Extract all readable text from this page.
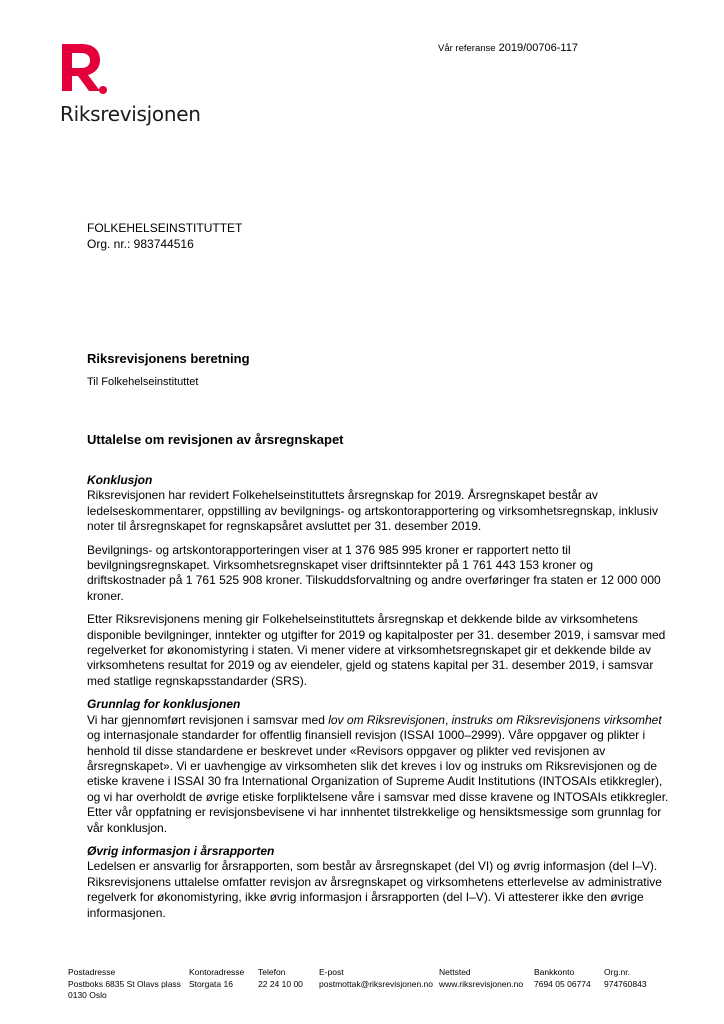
Riksrevisjonen
Vår referanse 2019/00706-117
FOLKEHELSEINSTITUTTET
Org. nr.: 983744516
Riksrevisjonens beretning
Til Folkehelseinstituttet
Uttalelse om revisjonen av årsregnskapet

Konklusjon
Riksrevisjonen har revidert Folkehelseinstituttets årsregnskap for 2019. Årsregnskapet består av ledelseskommentarer, oppstilling av bevilgnings- og artskontorapportering og virksomhetsregnskap, inklusiv noter til årsregnskapet for regnskapsåret avsluttet per 31. desember 2019.

Bevilgnings- og artskontorapporteringen viser at 1 376 985 995 kroner er rapportert netto til bevilgningsregnskapet. Virksomhetsregnskapet viser driftsinntekter på 1 761 443 153 kroner og driftskostnader på 1 761 525 908 kroner. Tilskuddsforvaltning og andre overføringer fra staten er 12 000 000 kroner.

Etter Riksrevisjonens mening gir Folkehelseinstituttets årsregnskap et dekkende bilde av virksomhetens disponible bevilgninger, inntekter og utgifter for 2019 og kapitalposter per 31. desember 2019, i samsvar med regelverket for økonomistyring i staten. Vi mener videre at virksomhetsregnskapet gir et dekkende bilde av virksomhetens resultat for 2019 og av eiendeler, gjeld og statens kapital per 31. desember 2019, i samsvar med statlige regnskapsstandarder (SRS).

Grunnlag for konklusjonen
Vi har gjennomført revisjonen i samsvar med lov om Riksrevisjonen, instruks om Riksrevisjonens virksomhet og internasjonale standarder for offentlig finansiell revisjon (ISSAI 1000–2999). Våre oppgaver og plikter i henhold til disse standardene er beskrevet under «Revisors oppgaver og plikter ved revisjonen av årsregnskapet». Vi er uavhengige av virksomheten slik det kreves i lov og instruks om Riksrevisjonen og de etiske kravene i ISSAI 30 fra International Organization of Supreme Audit Institutions (INTOSAIs etikkregler), og vi har overholdt de øvrige etiske forpliktelsene våre i samsvar med disse kravene og INTOSAIs etikkregler. Etter vår oppfatning er revisjonsbevisene vi har innhentet tilstrekkelige og hensiktsmessige som grunnlag for vår konklusjon.

Øvrig informasjon i årsrapporten
Ledelsen er ansvarlig for årsrapporten, som består av årsregnskapet (del VI) og øvrig informasjon (del I–V). Riksrevisjonens uttalelse omfatter revisjon av årsregnskapet og virksomhetens etterlevelse av administrative regelverk for økonomistyring, ikke øvrig informasjon i årsrapporten (del I–V). Vi attesterer ikke den øvrige informasjonen.

Postadresse
Postboks 6835 St Olavs plass
0130 Oslo
Kontoradresse
Storgata 16
Telefon
22 24 10 00
E-post
postmottak@riksrevisjonen.no
Nettsted
www.riksrevisjonen.no
Bankkonto
7694 05 06774
Org.nr.
974760843
